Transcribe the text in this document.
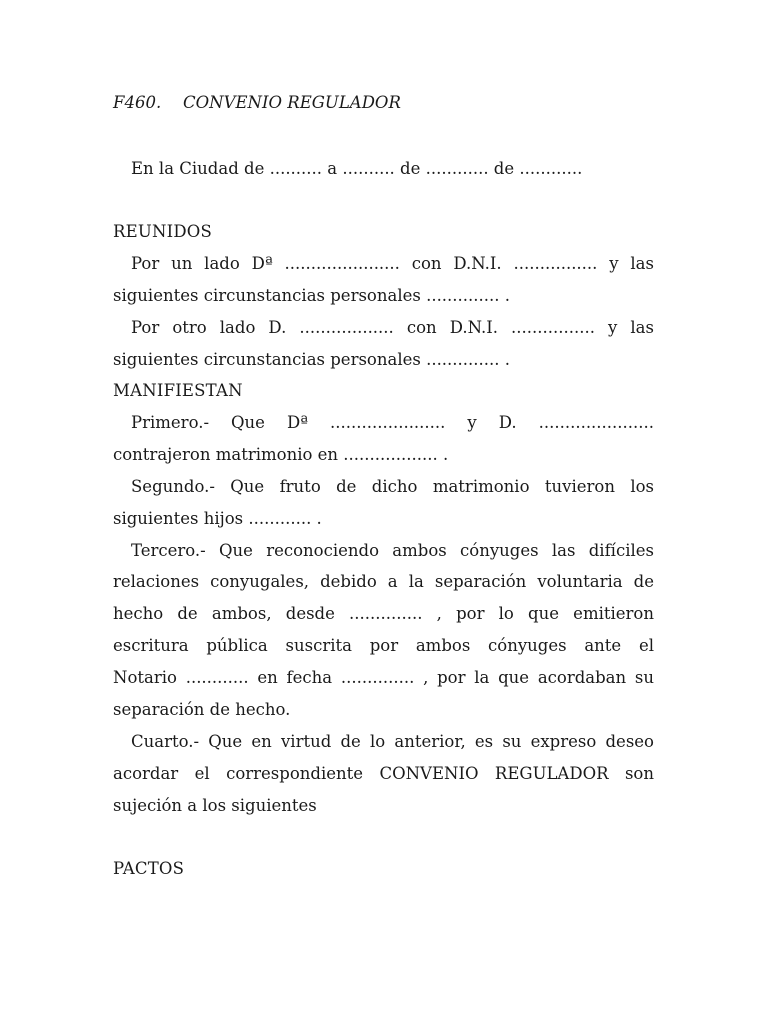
F460. CONVENIO REGULADOR
En la Ciudad de .......... a .......... de ............ de ............
REUNIDOS
Por un lado Dª ...................... con D.N.I. ................ y las
siguientes circunstancias personales .............. .
Por otro lado D. .................. con D.N.I. ................ y las
siguientes circunstancias personales .............. .
MANIFIESTAN
Primero.- Que Dª ...................... y D. ......................
contrajeron matrimonio en .................. .
Segundo.- Que fruto de dicho matrimonio tuvieron los
siguientes hijos ............ .
Tercero.- Que reconociendo ambos cónyuges las difíciles
relaciones conyugales, debido a la separación voluntaria de
hecho de ambos, desde .............. , por lo que emitieron
escritura pública suscrita por ambos cónyuges ante el
Notario ............ en fecha .............. , por la que acordaban su
separación de hecho.
Cuarto.- Que en virtud de lo anterior, es su expreso deseo
acordar el correspondiente CONVENIO REGULADOR son
sujeción a los siguientes
PACTOS
